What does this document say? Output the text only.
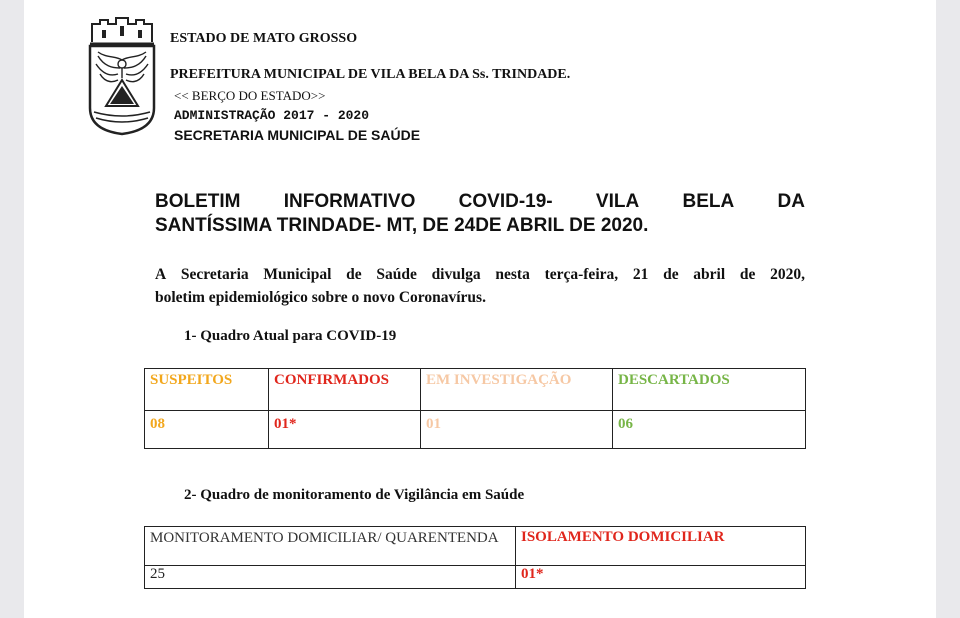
ESTADO DE MATO GROSSO
PREFEITURA MUNICIPAL DE VILA BELA DA Ss. TRINDADE.
<< BERÇO DO ESTADO>>
ADMINISTRAÇÃO 2017 - 2020
SECRETARIA MUNICIPAL DE SAÚDE
BOLETIM INFORMATIVO COVID-19- VILA BELA DA
SANTÍSSIMA TRINDADE- MT, DE 24DE ABRIL DE 2020.
A Secretaria Municipal de Saúde divulga nesta terça-feira, 21 de abril de 2020,
boletim epidemiológico sobre o novo Coronavírus.
1- Quadro Atual para COVID-19
SUSPEITOS	CONFIRMADOS	EM INVESTIGAÇÃO	DESCARTADOS
08	01*	01	06
2- Quadro de monitoramento de Vigilância em Saúde
MONITORAMENTO DOMICILIAR/ QUARENTENDA	ISOLAMENTO DOMICILIAR
25	01*
